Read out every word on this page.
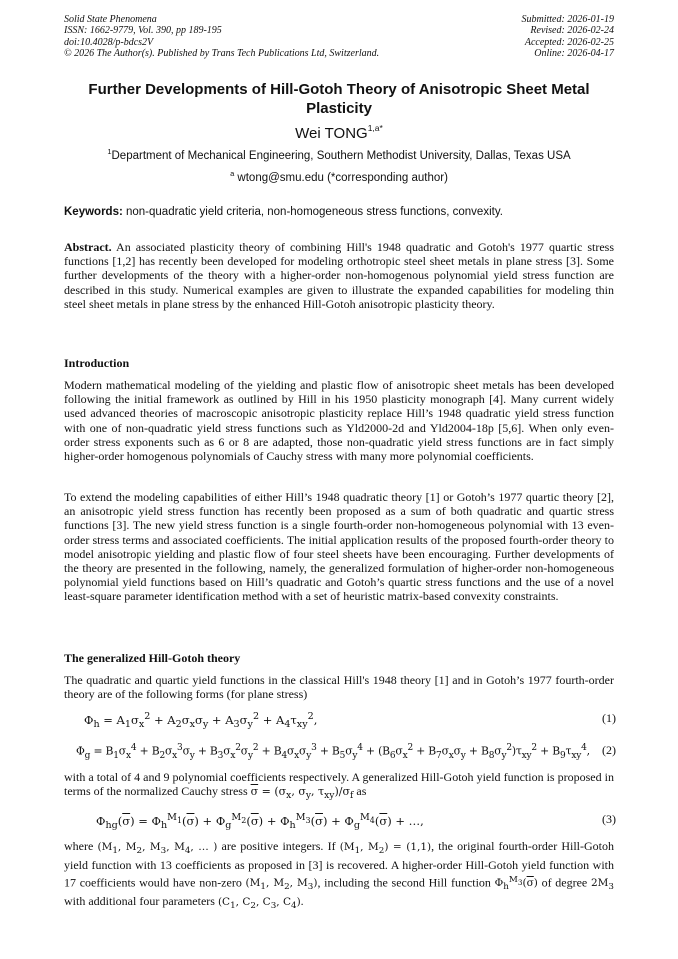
Solid State Phenomena
ISSN: 1662-9779, Vol. 390, pp 189-195
doi:10.4028/p-bdcs2V
© 2026 The Author(s). Published by Trans Tech Publications Ltd, Switzerland.
Submitted: 2026-01-19
Revised: 2026-02-24
Accepted: 2026-02-25
Online: 2026-04-17
Further Developments of Hill-Gotoh Theory of Anisotropic Sheet Metal Plasticity
Wei $TONG^{1,a*}$
$^1$Department of Mechanical Engineering, Southern Methodist University, Dallas, Texas USA
$^a$ wtong@smu.edu (*corresponding author)
Keywords: non-quadratic yield criteria, non-homogeneous stress functions, convexity.

Abstract. An associated plasticity theory of combining Hill's 1948 quadratic and Gotoh's 1977 quartic stress functions [1,2] has recently been developed for modeling orthotropic steel sheet metals in plane stress [3]. Some further developments of the theory with a higher-order non-homogenous polynomial yield stress function are described in this study. Numerical examples are given to illustrate the expanded capabilities for modeling thin steel sheet metals in plane stress by the enhanced Hill-Gotoh anisotropic plasticity theory.

Introduction

Modern mathematical modeling of the yielding and plastic flow of anisotropic sheet metals has been developed following the initial framework as outlined by Hill in his 1950 plasticity monograph [4]. Many current widely used advanced theories of macroscopic anisotropic plasticity replace Hill’s 1948 quadratic yield stress function with one of non-quadratic yield stress functions such as Yld2000-2d and Yld2004-18p [5,6]. When only even-order stress exponents such as 6 or 8 are adapted, those non-quadratic yield stress functions are in fact simply higher-order homogenous polynomials of Cauchy stress with many more polynomial coefficients.

To extend the modeling capabilities of either Hill’s 1948 quadratic theory [1] or Gotoh’s 1977 quartic theory [2], an anisotropic yield stress function has recently been proposed as a sum of both quadratic and quartic stress functions [3]. The new yield stress function is a single fourth-order non-homogeneous polynomial with 13 even-order stress terms and associated coefficients. The initial application results of the proposed fourth-order theory to model anisotropic yielding and plastic flow of four steel sheets have been encouraging. Further developments of the theory are presented in the following, namely, the generalized formulation of higher-order non-homogeneous polynomial yield functions based on Hill’s quadratic and Gotoh’s quartic stress functions and the use of a novel least-square parameter identification method with a set of heuristic matrix-based convexity constraints.

The generalized Hill-Gotoh theory

The quadratic and quartic yield functions in the classical Hill's 1948 theory [1] and in Gotoh’s 1977 fourth-order theory are of the following forms (for plane stress)

$\Phi_h = A_1\sigma_x^2 + A_2\sigma_x\sigma_y + A_3\sigma_y^2 + A_4\tau_{xy}^2$,	(1)
$\Phi_g = B_1\sigma_x^4 + B_2\sigma_x^3\sigma_y + B_3\sigma_x^2\sigma_y^2 + B_4\sigma_x\sigma_y^3 + B_5\sigma_y^4 + (B_6\sigma_x^2 + B_7\sigma_x\sigma_y + B_8\sigma_y^2)\tau_{xy}^2 + B_9\tau_{xy}^4$, (2)

with a total of 4 and 9 polynomial coefficients respectively. A generalized Hill-Gotoh yield function is proposed in terms of the normalized Cauchy stress $\overline{\sigma} = (\sigma_x$, $\sigma_y$, $\tau_{xy})/\sigma_f$ as

$\Phi_{hg}(\overline{\sigma}) = \Phi_h^{M_1}(\overline{\sigma}) + \Phi_g^{M_2}(\overline{\sigma}) + \Phi_h^{M_3}(\overline{\sigma}) + \Phi_g^{M_4}(\overline{\sigma})$ + …,	(3)

where ($M_1$, $M_2$, $M_3$, $M_4$, … ) are positive integers. If ($M_1$, $M_2) = (1,1)$, the original fourth-order Hill-Gotoh yield function with 13 coefficients as proposed in [3] is recovered. A higher-order Hill-Gotoh yield function with 17 coefficients would have non-zero ($M_1$, $M_2$, $M_3$), including the second Hill function $\Phi_h^{M_3}(\overline{\sigma})$ of degree $2M_3$ with additional four parameters ($C_1$, $C_2$, $C_3$, $C_4$).
